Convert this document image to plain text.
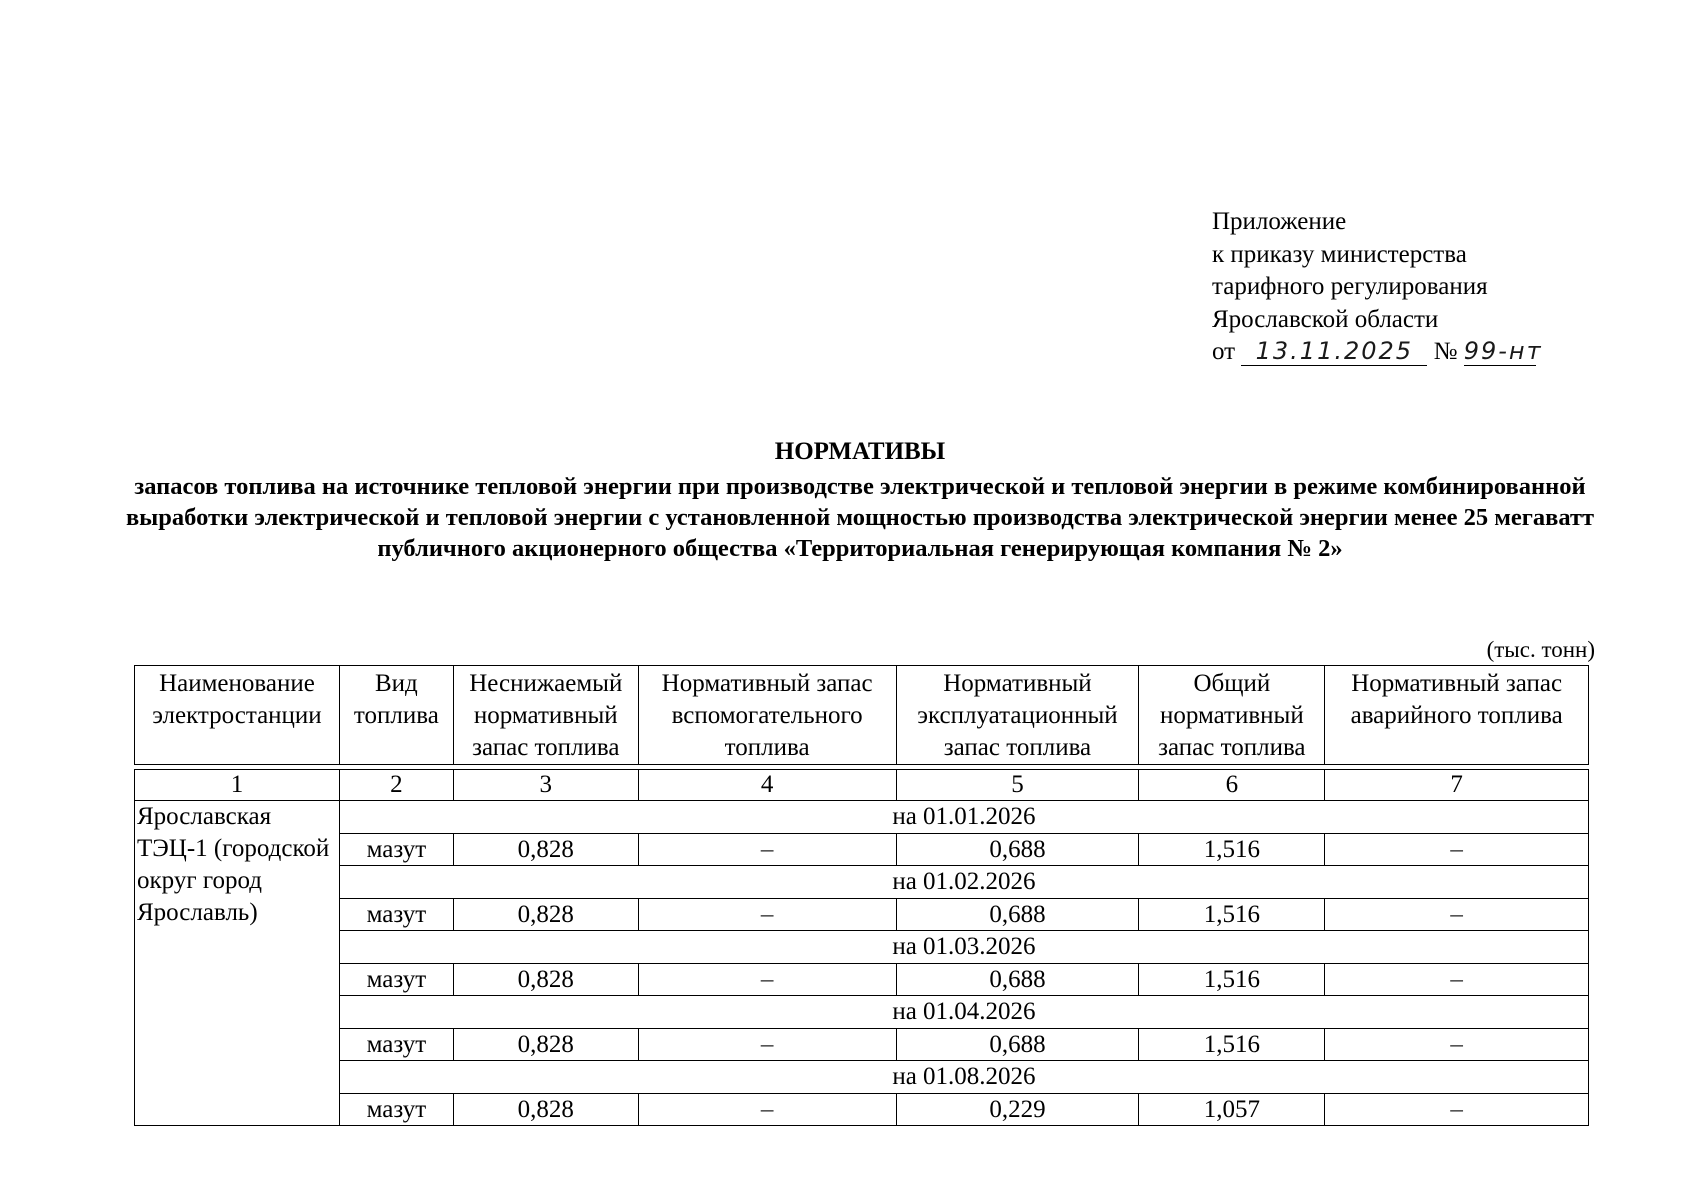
Приложение
к приказу министерства
тарифного регулирования
Ярославской области
от 13.11.2025 № 99-нт
НОРМАТИВЫ
запасов топлива на источнике тепловой энергии при производстве электрической и тепловой энергии в режиме комбинированной выработки электрической и тепловой энергии с установленной мощностью производства электрической энергии менее 25 мегаватт публичного акционерного общества «Территориальная генерирующая компания № 2»
(тыс. тонн)
Наименование электростанции	Вид топлива	Неснижаемый нормативный запас топлива	Нормативный запас вспомогательного топлива	Нормативный эксплуатационный запас топлива	Общий нормативный запас топлива	Нормативный запас аварийного топлива

1	2	3	4	5	6	7
Ярославская ТЭЦ-1 (городской округ город Ярославль)	на 01.01.2026					
	мазут	0,828	–	0,688	1,516	–
	на 01.02.2026					
	мазут	0,828	–	0,688	1,516	–
	на 01.03.2026					
	мазут	0,828	–	0,688	1,516	–
	на 01.04.2026					
	мазут	0,828	–	0,688	1,516	–
	на 01.08.2026					
	мазут	0,828	–	0,229	1,057	–
